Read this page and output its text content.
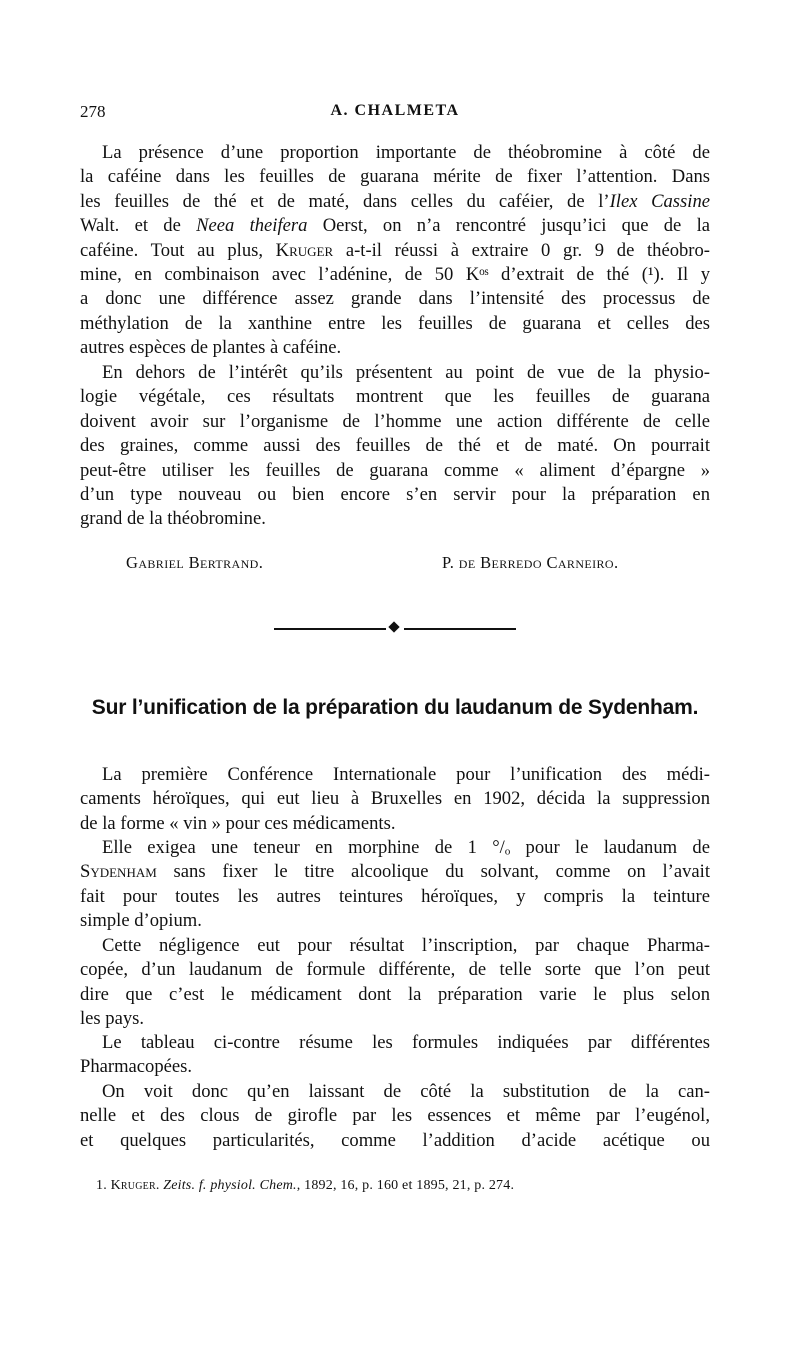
278	A. CHALMETA
La présence d’une proportion importante de théobromine à côté de
la caféine dans les feuilles de guarana mérite de fixer l’attention. Dans
les feuilles de thé et de maté, dans celles du caféier, de l’Ilex Cassine
Walt. et de Neea theifera Oerst, on n’a rencontré jusqu’ici que de la
caféine. Tout au plus, Kruger a-t-il réussi à extraire 0 gr. 9 de théobro-
mine, en combinaison avec l’adénine, de 50 Kᵒˢ d’extrait de thé (¹). Il y
a donc une différence assez grande dans l’intensité des processus de
méthylation de la xanthine entre les feuilles de guarana et celles des
autres espèces de plantes à caféine.
En dehors de l’intérêt qu’ils présentent au point de vue de la physio-
logie végétale, ces résultats montrent que les feuilles de guarana
doivent avoir sur l’organisme de l’homme une action différente de celle
des graines, comme aussi des feuilles de thé et de maté. On pourrait
peut-être utiliser les feuilles de guarana comme « aliment d’épargne »
d’un type nouveau ou bien encore s’en servir pour la préparation en
grand de la théobromine.
Gabriel Bertrand.	P. de Berredo Carneiro.
Sur l’unification de la préparation du laudanum de Sydenham.
La première Conférence Internationale pour l’unification des médi-
caments héroïques, qui eut lieu à Bruxelles en 1902, décida la suppression
de la forme « vin » pour ces médicaments.
Elle exigea une teneur en morphine de 1 °/ₒ pour le laudanum de
Sydenham sans fixer le titre alcoolique du solvant, comme on l’avait
fait pour toutes les autres teintures héroïques, y compris la teinture
simple d’opium.
Cette négligence eut pour résultat l’inscription, par chaque Pharma-
copée, d’un laudanum de formule différente, de telle sorte que l’on peut
dire que c’est le médicament dont la préparation varie le plus selon
les pays.
Le tableau ci-contre résume les formules indiquées par différentes
Pharmacopées.
On voit donc qu’en laissant de côté la substitution de la can-
nelle et des clous de girofle par les essences et même par l’eugénol,
et quelques particularités, comme l’addition d’acide acétique ou
1. Kruger. Zeits. f. physiol. Chem., 1892, 16, p. 160 et 1895, 21, p. 274.
